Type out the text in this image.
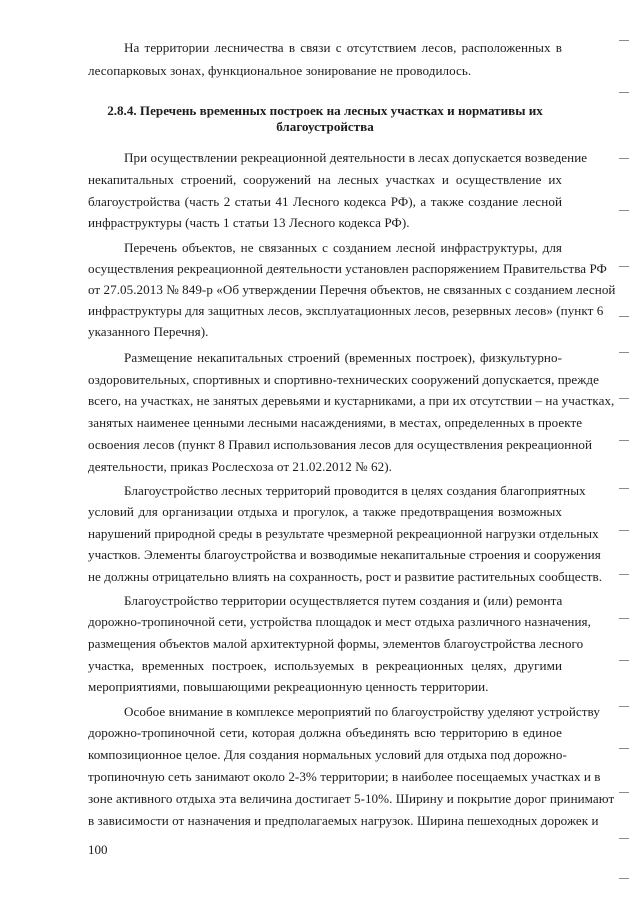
На территории лесничества в связи с отсутствием лесов, расположенных в
лесопарковых зонах, функциональное зонирование не проводилось.
2.8.4. Перечень временных построек на лесных участках и нормативы их
благоустройства
При осуществлении рекреационной деятельности в лесах допускается возведение
некапитальных строений, сооружений на лесных участках и осуществление их
благоустройства (часть 2 статьи 41 Лесного кодекса РФ), а также создание лесной
инфраструктуры (часть 1 статьи 13 Лесного кодекса РФ).
Перечень объектов, не связанных с созданием лесной инфраструктуры, для
осуществления рекреационной деятельности установлен распоряжением Правительства РФ
от 27.05.2013 № 849-р «Об утверждении Перечня объектов, не связанных с созданием лесной
инфраструктуры для защитных лесов, эксплуатационных лесов, резервных лесов» (пункт 6
указанного Перечня).
Размещение некапитальных строений (временных построек), физкультурно-
оздоровительных, спортивных и спортивно-технических сооружений допускается, прежде
всего, на участках, не занятых деревьями и кустарниками, а при их отсутствии – на участках,
занятых наименее ценными лесными насаждениями, в местах, определенных в проекте
освоения лесов (пункт 8 Правил использования лесов для осуществления рекреационной
деятельности, приказ Рослесхоза от 21.02.2012 № 62).
Благоустройство лесных территорий проводится в целях создания благоприятных
условий для организации отдыха и прогулок, а также предотвращения возможных
нарушений природной среды в результате чрезмерной рекреационной нагрузки отдельных
участков. Элементы благоустройства и возводимые некапитальные строения и сооружения
не должны отрицательно влиять на сохранность, рост и развитие растительных сообществ.
Благоустройство территории осуществляется путем создания и (или) ремонта
дорожно-тропиночной сети, устройства площадок и мест отдыха различного назначения,
размещения объектов малой архитектурной формы, элементов благоустройства лесного
участка, временных построек, используемых в рекреационных целях, другими
мероприятиями, повышающими рекреационную ценность территории.
Особое внимание в комплексе мероприятий по благоустройству уделяют устройству
дорожно-тропиночной сети, которая должна объединять всю территорию в единое
композиционное целое. Для создания нормальных условий для отдыха под дорожно-
тропиночную сеть занимают около 2-3% территории; в наиболее посещаемых участках и в
зоне активного отдыха эта величина достигает 5-10%. Ширину и покрытие дорог принимают
в зависимости от назначения и предполагаемых нагрузок. Ширина пешеходных дорожек и
100
